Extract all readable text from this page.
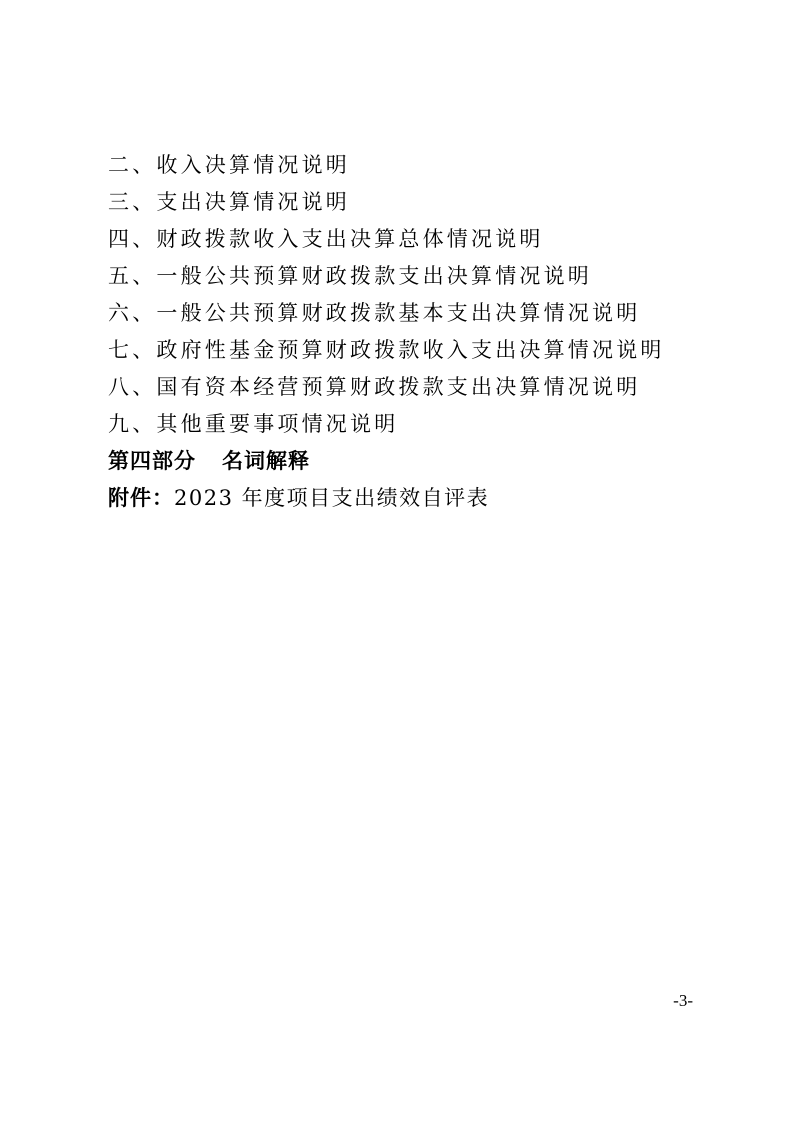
二、收入决算情况说明
三、支出决算情况说明
四、财政拨款收入支出决算总体情况说明
五、一般公共预算财政拨款支出决算情况说明
六、一般公共预算财政拨款基本支出决算情况说明
七、政府性基金预算财政拨款收入支出决算情况说明
八、国有资本经营预算财政拨款支出决算情况说明
九、其他重要事项情况说明
第四部分 名词解释
附件：2023 年度项目支出绩效自评表
-3-
